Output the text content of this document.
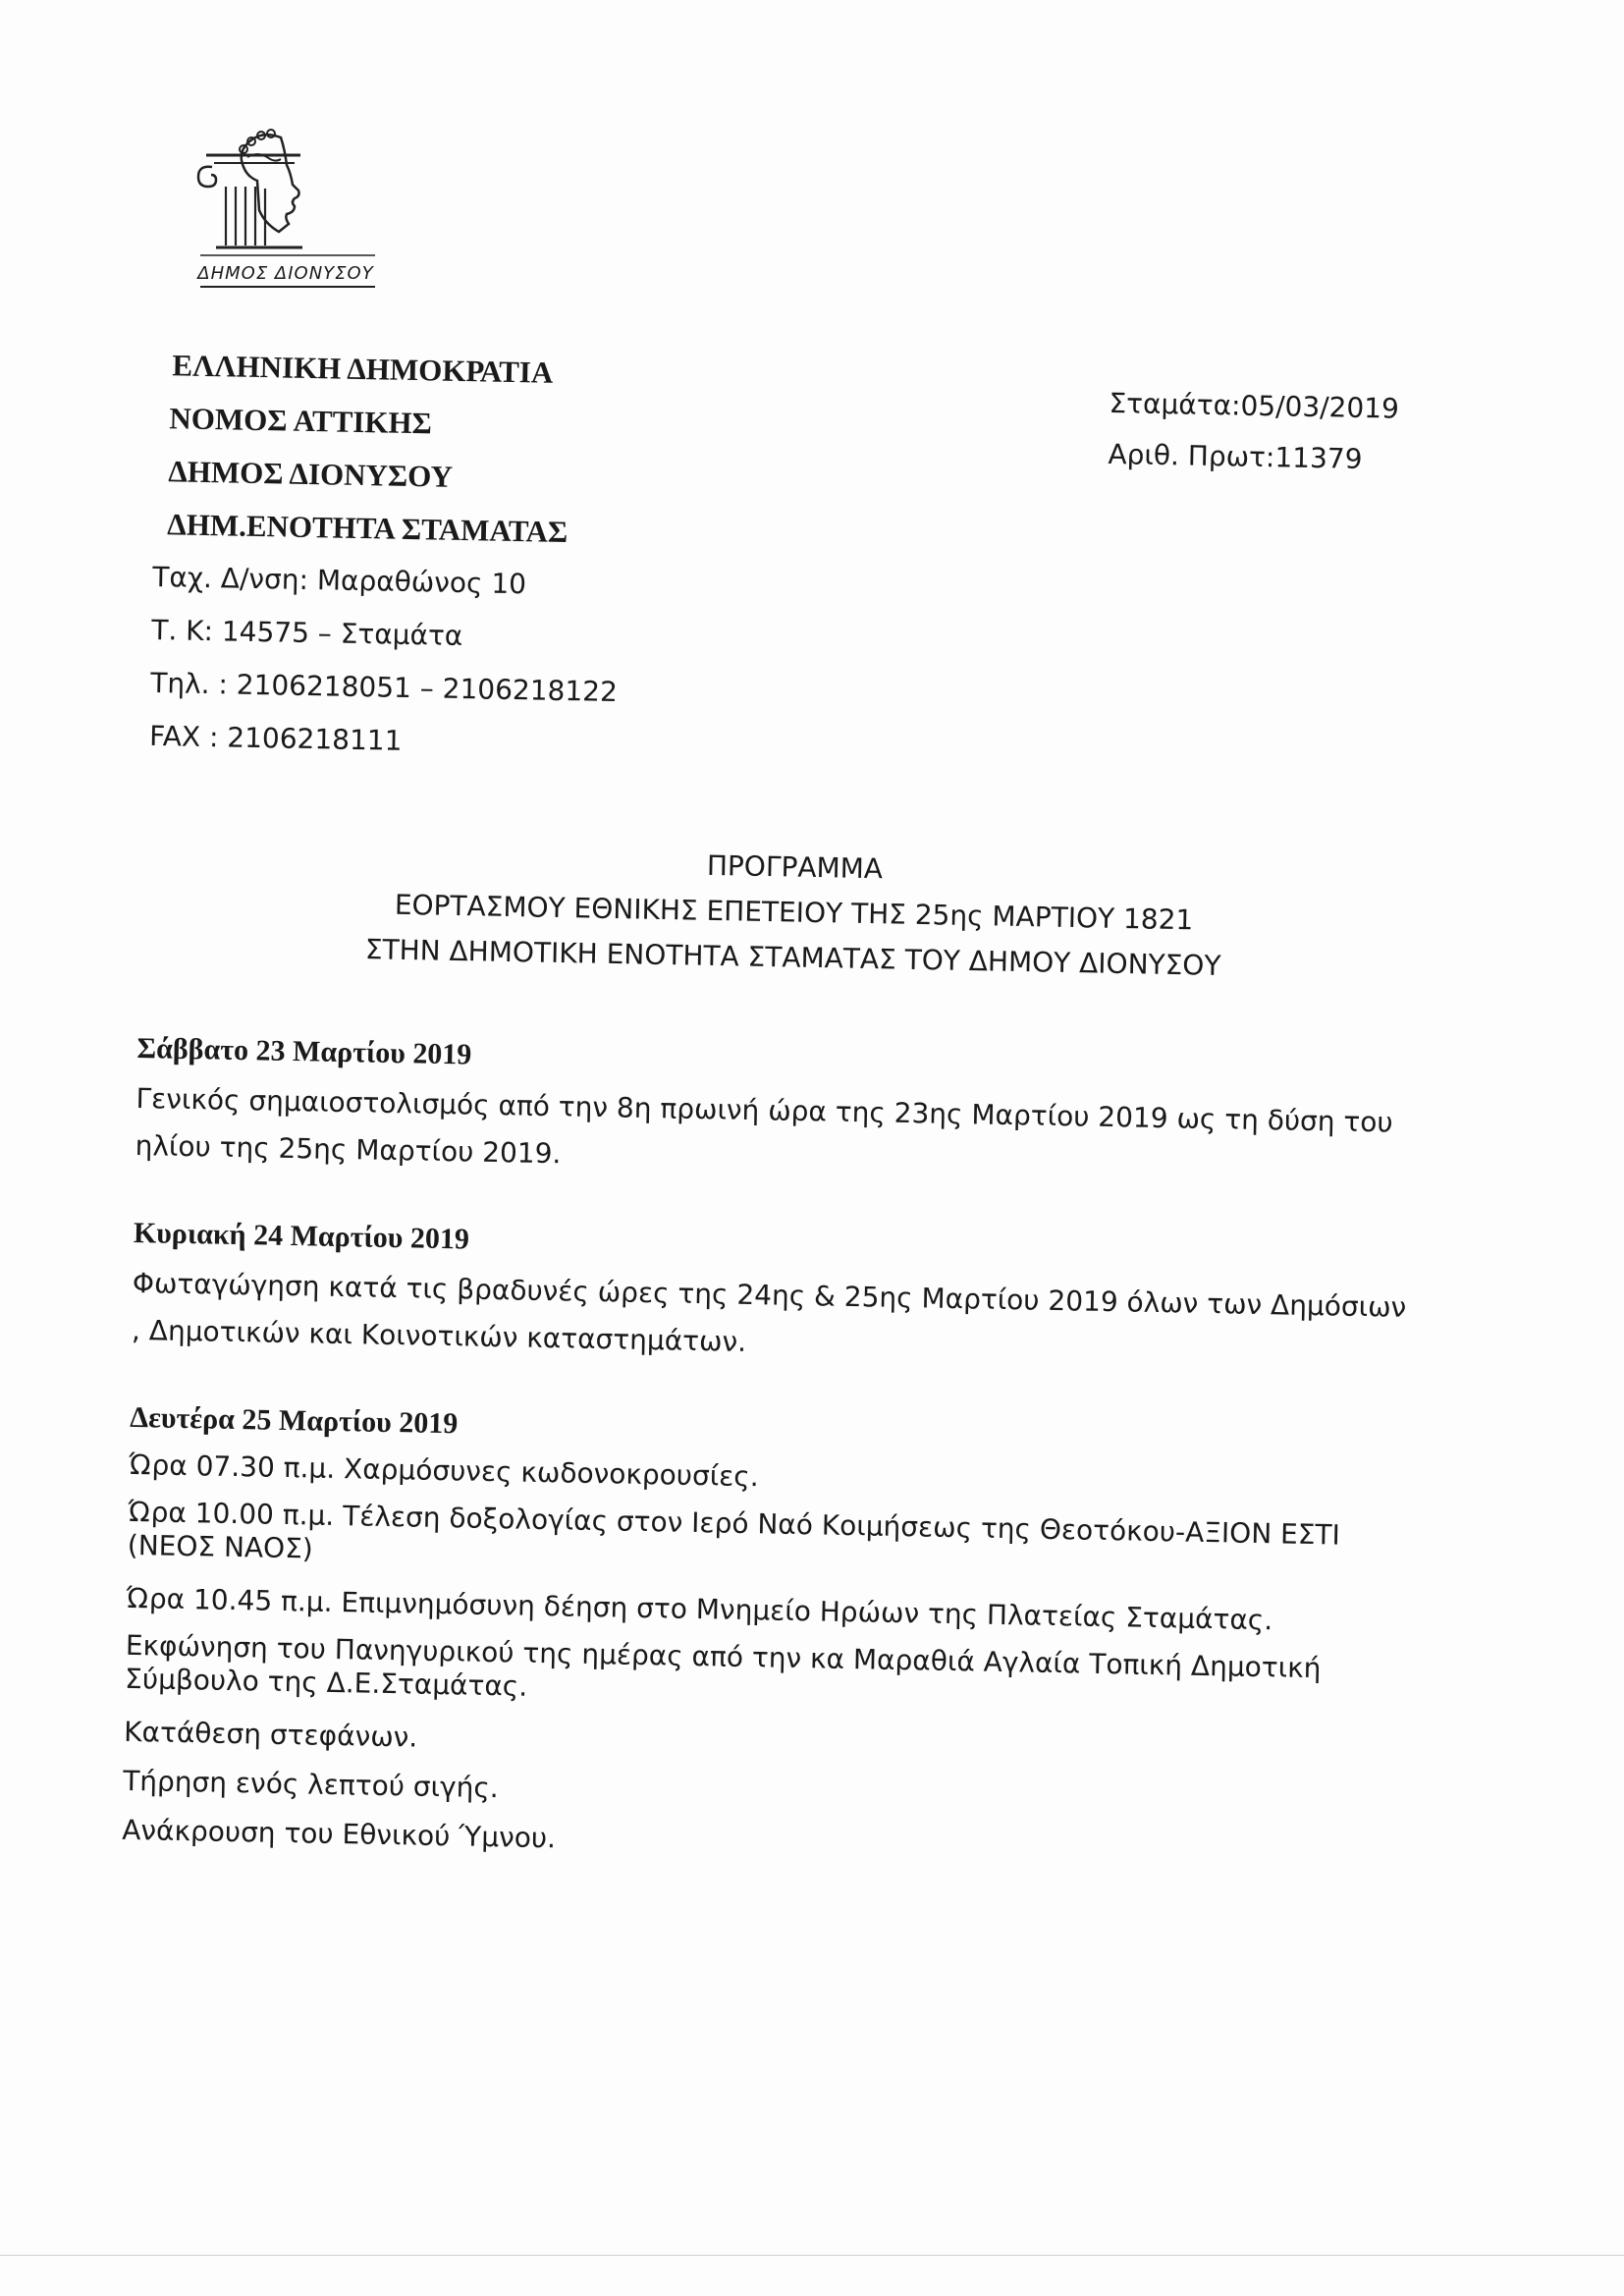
ΔΗΜΟΣ ΔΙΟΝΥΣΟΥ
ΕΛΛΗΝΙΚΗ ΔΗΜΟΚΡΑΤΙΑ
ΝΟΜΟΣ ΑΤΤΙΚΗΣ
ΔΗΜΟΣ ΔΙΟΝΥΣΟΥ
ΔΗΜ.ΕΝΟΤΗΤΑ ΣΤΑΜΑΤΑΣ
Ταχ. Δ/νση: Μαραθώνος 10
Τ. Κ: 14575 – Σταμάτα
Τηλ. : 2106218051 – 2106218122
FAX : 2106218111
Σταμάτα:05/03/2019
Αριθ. Πρωτ:11379
ΠΡΟΓΡΑΜΜΑ
ΕΟΡΤΑΣΜΟΥ ΕΘΝΙΚΗΣ ΕΠΕΤΕΙΟΥ ΤΗΣ 25ης ΜΑΡΤΙΟΥ 1821
ΣΤΗΝ ΔΗΜΟΤΙΚΗ ΕΝΟΤΗΤΑ ΣΤΑΜΑΤΑΣ ΤΟΥ ΔΗΜΟΥ ΔΙΟΝΥΣΟΥ
Σάββατο 23 Μαρτίου 2019
Γενικός σημαιοστολισμός από την 8η πρωινή ώρα της 23ης Μαρτίου 2019 ως τη δύση του ηλίου της 25ης Μαρτίου 2019.
Κυριακή 24 Μαρτίου 2019
Φωταγώγηση κατά τις βραδυνές ώρες της 24ης & 25ης Μαρτίου 2019 όλων των Δημόσιων , Δημοτικών και Κοινοτικών καταστημάτων.
Δευτέρα 25 Μαρτίου 2019
Ώρα 07.30 π.μ. Χαρμόσυνες κωδονοκρουσίες.
Ώρα 10.00 π.μ. Τέλεση δοξολογίας στον Ιερό Ναό Κοιμήσεως της Θεοτόκου-ΑΞΙΟΝ ΕΣΤΙ (ΝΕΟΣ ΝΑΟΣ)
Ώρα 10.45 π.μ. Επιμνημόσυνη δέηση στο Μνημείο Ηρώων της Πλατείας Σταμάτας.
Εκφώνηση του Πανηγυρικού της ημέρας από την κα Μαραθιά Αγλαία Τοπική Δημοτική Σύμβουλο της Δ.Ε.Σταμάτας.
Κατάθεση στεφάνων.
Τήρηση ενός λεπτού σιγής.
Ανάκρουση του Εθνικού Ύμνου.
